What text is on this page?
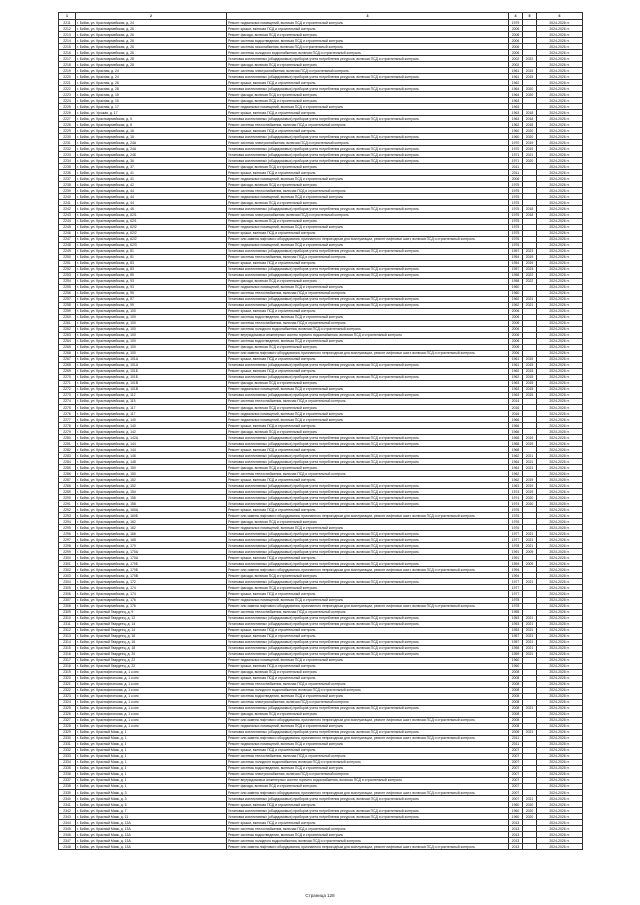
1	2	3	4	5	6
2211	г. Бийск, ул. Красноармейская, д. 24	Ремонт подвальных помещений, включая ПСД и строительный контроль	1979		2024-2026 гг.
2212	г. Бийск, ул. Красноармейская, д. 26	Ремонт крыши, включая ПСД и строительный контроль	2006		2024-2026 гг.
2213	г. Бийск, ул. Красноармейская, д. 26	Ремонт фасада, включая ПСД и строительный контроль	2006		2024-2026 гг.
2214	г. Бийск, ул. Красноармейская, д. 26	Ремонт системы водоотведения, включая ПСД и строительный контроль	2006		2024-2026 гг.
2215	г. Бийск, ул. Красноармейская, д. 26	Ремонт системы газоснабжения, включая ПСД и строительный контроль	2006		2024-2026 гг.
2216	г. Бийск, ул. Красноармейская, д. 26	Ремонт системы холодного водоснабжения, включая ПСД и строительный контроль	2006		2024-2026 гг.
2217	г. Бийск, ул. Красноармейская, д. 28	Установка коллективных (общедомовых) приборов учета потребления ресурсов, включая ПСД и строительный контроль	2002	2022	2024-2026 гг.
2218	г. Бийск, ул. Красноармейская, д. 28	Ремонт фасада, включая ПСД и строительный контроль	2002		2024-2026 гг.
2219	г. Бийск, ул. Красная, д. 24	Ремонт системы электроснабжения, включая ПСД и строительный контроль	1961	2015	2024-2026 гг.
2220	г. Бийск, ул. Красная, д. 24	Установка коллективных (общедомовых) приборов учета потребления ресурсов, включая ПСД и строительный контроль	1961	2015	2024-2026 гг.
2221	г. Бийск, ул. Красная, д. 26	Ремонт крыши, включая ПСД и строительный контроль	1962		2024-2026 гг.
2222	г. Бийск, ул. Красная, д. 28	Установка коллективных (общедомовых) приборов учета потребления ресурсов, включая ПСД и строительный контроль	1964	2020	2024-2026 гг.
2223	г. Бийск, ул. Красная, д. 15	Ремонт фасада, включая ПСД и строительный контроль	1964	2020	2024-2026 гг.
2224	г. Бийск, ул. Красная, д. 15	Ремонт фасада, включая ПСД и строительный контроль	1963		2024-2026 гг.
2225	г. Бийск, ул. Красная, д. 17	Ремонт подвальных помещений, включая ПСД и строительный контроль	1963		2024-2026 гг.
2226	г. Бийск, ул. Урожая, д. 17	Ремонт крыши, включая ПСД и строительный контроль	1963	2018	2024-2026 гг.
2227	г. Бийск, ул. Красноармейская, д. 5	Установка коллективных (общедомовых) приборов учета потребления ресурсов, включая ПСД и строительный контроль	1963	2018	2024-2026 гг.
2228	г. Бийск, ул. Красноармейская, д. 8	Ремонт системы теплоснабжения, включая ПСД и строительный контроль	1962	2018	2024-2026 гг.
2229	г. Бийск, ул. Красноармейская, д. 16	Ремонт крыши, включая ПСД и строительный контроль	1960	2020	2024-2026 гг.
2230	г. Бийск, ул. Красноармейская, д. 16	Установка коллективных (общедомовых) приборов учета потребления ресурсов, включая ПСД и строительный контроль	1960	2020	2024-2026 гг.
2231	г. Бийск, ул. Красноармейская, д. 24А	Ремонт системы электроснабжения, включая ПСД и строительный контроль	1970	2019	2024-2026 гг.
2232	г. Бийск, ул. Красноармейская, д. 24А	Установка коллективных (общедомовых) приборов учета потребления ресурсов, включая ПСД и строительный контроль	1970	2019	2024-2026 гг.
2233	г. Бийск, ул. Красноармейская, д. 24Б	Установка коллективных (общедомовых) приборов учета потребления ресурсов, включая ПСД и строительный контроль	1971	2021	2024-2026 гг.
2234	г. Бийск, ул. Красноармейская, д. 36	Установка коллективных (общедомовых) приборов учета потребления ресурсов, включая ПСД и строительный контроль	1971	2020	2024-2026 гг.
2235	г. Бийск, ул. Красноармейская, д. 37	Ремонт фасада, включая ПСД и строительный контроль	2011		2024-2026 гг.
2236	г. Бийск, ул. Красноармейская, д. 41	Ремонт крыши, включая ПСД и строительный контроль	2011		2024-2026 гг.
2237	г. Бийск, ул. Красноармейская, д. 41	Ремонт подвальных помещений, включая ПСД и строительный контроль	2006		2024-2026 гг.
2238	г. Бийск, ул. Красноармейская, д. 42	Ремонт фасада, включая ПСД и строительный контроль	1975		2024-2026 гг.
2239	г. Бийск, ул. Красноармейская, д. 44	Ремонт системы теплоснабжения, включая ПСД и строительный контроль	1975		2024-2026 гг.
2240	г. Бийск, ул. Красноармейская, д. 44	Ремонт подвальных помещений, включая ПСД и строительный контроль	1975		2024-2026 гг.
2241	г. Бийск, ул. Красноармейская, д. 44	Ремонт фасада, включая ПСД и строительный контроль	1975		2024-2026 гг.
2242	г. Бийск, ул. Красноармейская, д. 46	Установка коллективных (общедомовых) приборов учета потребления ресурсов, включая ПСД и строительный контроль	1975	2018	2024-2026 гг.
2243	г. Бийск, ул. Красноармейская, д. 62/1	Ремонт системы электроснабжения, включая ПСД и строительный контроль	1975	2018	2024-2026 гг.
2244	г. Бийск, ул. Красноармейская, д. 62/1	Ремонт фасада, включая ПСД и строительный контроль	1975		2024-2026 гг.
2245	г. Бийск, ул. Красноармейская, д. 62/2	Ремонт подвальных помещений, включая ПСД и строительный контроль	1975		2024-2026 гг.
2246	г. Бийск, ул. Красноармейская, д. 62/2	Ремонт крыши, включая ПСД и строительный контроль	1975		2024-2026 гг.
2247	г. Бийск, ул. Красноармейская, д. 62/2	Ремонт или замена лифтового оборудования, признанного непригодным для эксплуатации, ремонт лифтовых шахт, включая ПСД и строительный контроль	1976		2024-2026 гг.
2248	г. Бийск, ул. Красноармейская, д. 62/3	Ремонт подвальных помещений, включая ПСД и строительный контроль	1976		2024-2026 гг.
2249	г. Бийск, ул. Красноармейская, д. 81	Установка коллективных (общедомовых) приборов учета потребления ресурсов, включая ПСД и строительный контроль	1957	2023	2024-2026 гг.
2250	г. Бийск, ул. Красноармейская, д. 81	Ремонт системы теплоснабжения, включая ПСД и строительный контроль	1954	2019	2024-2026 гг.
2251	г. Бийск, ул. Красноармейская, д. 83	Ремонт крыши, включая ПСД и строительный контроль	1954	2019	2024-2026 гг.
2252	г. Бийск, ул. Красноармейская, д. 83	Установка коллективных (общедомовых) приборов учета потребления ресурсов, включая ПСД и строительный контроль	1957	2023	2024-2026 гг.
2253	г. Бийск, ул. Красноармейская, д. 85	Установка коллективных (общедомовых) приборов учета потребления ресурсов, включая ПСД и строительный контроль	1958	2022	2024-2026 гг.
2254	г. Бийск, ул. Красноармейская, д. 93	Ремонт фасада, включая ПСД и строительный контроль	1958	2022	2024-2026 гг.
2255	г. Бийск, ул. Красноармейская, д. 93	Ремонт подвальных помещений, включая ПСД и строительный контроль	1960		2024-2026 гг.
2256	г. Бийск, ул. Красноармейская, д. 95	Ремонт системы теплоснабжения, включая ПСД и строительный контроль	1960		2024-2026 гг.
2257	г. Бийск, ул. Красноармейская, д. 97	Установка коллективных (общедомовых) приборов учета потребления ресурсов, включая ПСД и строительный контроль	1962	2021	2024-2026 гг.
2258	г. Бийск, ул. Красноармейская, д. 99	Установка коллективных (общедомовых) приборов учета потребления ресурсов, включая ПСД и строительный контроль	1962	2021	2024-2026 гг.
2259	г. Бийск, ул. Красноармейская, д. 100	Ремонт крыши, включая ПСД и строительный контроль	2006		2024-2026 гг.
2260	г. Бийск, ул. Красноармейская, д. 100	Ремонт системы водоотведения, включая ПСД и строительный контроль	2006		2024-2026 гг.
2261	г. Бийск, ул. Красноармейская, д. 100	Ремонт системы теплоснабжения, включая ПСД и строительный контроль	2006		2024-2026 гг.
2262	г. Бийск, ул. Красноармейская, д. 100	Ремонт системы холодного водоснабжения, включая ПСД и строительный контроль	2006		2024-2026 гг.
2263	г. Бийск, ул. Красноармейская, д. 100	Ремонт внутридомовых инженерных систем горячего водоснабжения, включая ПСД и строительный контроль	2006		2024-2026 гг.
2264	г. Бийск, ул. Красноармейская, д. 100	Ремонт системы водоотведения, включая ПСД и строительный контроль	2006		2024-2026 гг.
2265	г. Бийск, ул. Красноармейская, д. 100	Ремонт фасада, включая ПСД и строительный контроль	2006		2024-2026 гг.
2266	г. Бийск, ул. Красноармейская, д. 100	Ремонт или замена лифтового оборудования, признанного непригодным для эксплуатации, ремонт лифтовых шахт, включая ПСД и строительный контроль	2006		2024-2026 гг.
2267	г. Бийск, ул. Красноармейская, д. 101А	Ремонт крыши, включая ПСД и строительный контроль	1961	2015	2024-2026 гг.
2268	г. Бийск, ул. Красноармейская, д. 101А	Установка коллективных (общедомовых) приборов учета потребления ресурсов, включая ПСД и строительный контроль	1961	2015	2024-2026 гг.
2269	г. Бийск, ул. Красноармейская, д. 101Б	Ремонт крыши, включая ПСД и строительный контроль	1962	2015	2024-2026 гг.
2270	г. Бийск, ул. Красноармейская, д. 101Б	Установка коллективных (общедомовых) приборов учета потребления ресурсов, включая ПСД и строительный контроль	1962	2015	2024-2026 гг.
2271	г. Бийск, ул. Красноармейская, д. 101В	Ремонт фасада, включая ПСД и строительный контроль	1963	2015	2024-2026 гг.
2272	г. Бийск, ул. Красноармейская, д. 101В	Ремонт подвальных помещений, включая ПСД и строительный контроль	1963	2015	2024-2026 гг.
2273	г. Бийск, ул. Красноармейская, д. 112	Установка коллективных (общедомовых) приборов учета потребления ресурсов, включая ПСД и строительный контроль	1963	2015	2024-2026 гг.
2274	г. Бийск, ул. Красноармейская, д. 115	Ремонт системы теплоснабжения, включая ПСД и строительный контроль	2014		2024-2026 гг.
2275	г. Бийск, ул. Красноармейская, д. 117	Ремонт фасада, включая ПСД и строительный контроль	2016		2024-2026 гг.
2276	г. Бийск, ул. Красноармейская, д. 117	Ремонт подвальных помещений, включая ПСД и строительный контроль	2016		2024-2026 гг.
2277	г. Бийск, ул. Красноармейская, д. 140	Ремонт подвальных помещений, включая ПСД и строительный контроль	1966		2024-2026 гг.
2278	г. Бийск, ул. Красноармейская, д. 140	Ремонт крыши, включая ПСД и строительный контроль	1966		2024-2026 гг.
2279	г. Бийск, ул. Красноармейская, д. 142	Ремонт фасада, включая ПСД и строительный контроль	1966		2024-2026 гг.
2280	г. Бийск, ул. Красноармейская, д. 142А	Установка коллективных (общедомовых) приборов учета потребления ресурсов, включая ПСД и строительный контроль	1968	2019	2024-2026 гг.
2281	г. Бийск, ул. Красноармейская, д. 144	Установка коллективных (общедомовых) приборов учета потребления ресурсов, включая ПСД и строительный контроль	1968	2019	2024-2026 гг.
2282	г. Бийск, ул. Красноармейская, д. 144	Ремонт крыши, включая ПСД и строительный контроль	1968		2024-2026 гг.
2283	г. Бийск, ул. Красноармейская, д. 146	Установка коллективных (общедомовых) приборов учета потребления ресурсов, включая ПСД и строительный контроль	1962	2021	2024-2026 гг.
2284	г. Бийск, ул. Красноармейская, д. 148	Установка коллективных (общедомовых) приборов учета потребления ресурсов, включая ПСД и строительный контроль	1964	2021	2024-2026 гг.
2285	г. Бийск, ул. Красноармейская, д. 150	Ремонт фасада, включая ПСД и строительный контроль	1964	2021	2024-2026 гг.
2286	г. Бийск, ул. Красноармейская, д. 150	Ремонт системы теплоснабжения, включая ПСД и строительный контроль	1962		2024-2026 гг.
2287	г. Бийск, ул. Красноармейская, д. 152	Ремонт крыши, включая ПСД и строительный контроль	1962	2019	2024-2026 гг.
2288	г. Бийск, ул. Красноармейская, д. 152	Установка коллективных (общедомовых) приборов учета потребления ресурсов, включая ПСД и строительный контроль	1963	2019	2024-2026 гг.
2289	г. Бийск, ул. Красноармейская, д. 154	Установка коллективных (общедомовых) приборов учета потребления ресурсов, включая ПСД и строительный контроль	1974	2019	2024-2026 гг.
2290	г. Бийск, ул. Красноармейская, д. 156	Установка коллективных (общедомовых) приборов учета потребления ресурсов, включая ПСД и строительный контроль	1974	2020	2024-2026 гг.
2291	г. Бийск, ул. Красноармейская, д. 158	Установка коллективных (общедомовых) приборов учета потребления ресурсов, включая ПСД и строительный контроль	1974	2020	2024-2026 гг.
2292	г. Бийск, ул. Красноармейская, д. 160А	Ремонт крыши, включая ПСД и строительный контроль	1976		2024-2026 гг.
2293	г. Бийск, ул. Красноармейская, д. 160Б	Ремонт или замена лифтового оборудования, признанного непригодным для эксплуатации, ремонт лифтовых шахт, включая ПСД и строительный контроль	1976		2024-2026 гг.
2294	г. Бийск, ул. Красноармейская, д. 162	Ремонт фасада, включая ПСД и строительный контроль	1976		2024-2026 гг.
2295	г. Бийск, ул. Красноармейская, д. 162	Ремонт подвальных помещений, включая ПСД и строительный контроль	1976		2024-2026 гг.
2296	г. Бийск, ул. Красноармейская, д. 166	Установка коллективных (общедомовых) приборов учета потребления ресурсов, включая ПСД и строительный контроль	1977	2021	2024-2026 гг.
2297	г. Бийск, ул. Красноармейская, д. 168	Установка коллективных (общедомовых) приборов учета потребления ресурсов, включая ПСД и строительный контроль	1977	2021	2024-2026 гг.
2298	г. Бийск, ул. Красноармейская, д. 170	Установка коллективных (общедомовых) приборов учета потребления ресурсов, включая ПСД и строительный контроль	1978	2021	2024-2026 гг.
2299	г. Бийск, ул. Красноармейская, д. 170А	Установка коллективных (общедомовых) приборов учета потребления ресурсов, включая ПСД и строительный контроль	1991	2009	2024-2026 гг.
2300	г. Бийск, ул. Красноармейская, д. 170А	Ремонт крыши, включая ПСД и строительный контроль	1991		2024-2026 гг.
2301	г. Бийск, ул. Красноармейская, д. 170Б	Установка коллективных (общедомовых) приборов учета потребления ресурсов, включая ПСД и строительный контроль	1994	2009	2024-2026 гг.
2302	г. Бийск, ул. Красноармейская, д. 170Б	Ремонт или замена лифтового оборудования, признанного непригодным для эксплуатации, ремонт лифтовых шахт, включая ПСД и строительный контроль	1994		2024-2026 гг.
2303	г. Бийск, ул. Красноармейская, д. 170В	Ремонт фасада, включая ПСД и строительный контроль	1994		2024-2026 гг.
2304	г. Бийск, ул. Красноармейская, д. 172	Установка коллективных (общедомовых) приборов учета потребления ресурсов, включая ПСД и строительный контроль	1977	2021	2024-2026 гг.
2305	г. Бийск, ул. Красноармейская, д. 174	Ремонт фасада, включая ПСД и строительный контроль	1977		2024-2026 гг.
2306	г. Бийск, ул. Красноармейская, д. 174	Ремонт крыши, включая ПСД и строительный контроль	1977		2024-2026 гг.
2307	г. Бийск, ул. Красноармейская, д. 176	Ремонт подвальных помещений, включая ПСД и строительный контроль	1978		2024-2026 гг.
2308	г. Бийск, ул. Красноармейская, д. 176	Ремонт или замена лифтового оборудования, признанного непригодным для эксплуатации, ремонт лифтовых шахт, включая ПСД и строительный контроль	1978		2024-2026 гг.
2309	г. Бийск, ул. Красный Гвардеец, д. 9	Ремонт системы теплоснабжения, включая ПСД и строительный контроль	1955		2024-2026 гг.
2310	г. Бийск, ул. Красный Гвардеец, д. 12	Установка коллективных (общедомовых) приборов учета потребления ресурсов, включая ПСД и строительный контроль	1953	2021	2024-2026 гг.
2311	г. Бийск, ул. Красный Гвардеец, д. 14	Установка коллективных (общедомовых) приборов учета потребления ресурсов, включая ПСД и строительный контроль	1953	2021	2024-2026 гг.
2312	г. Бийск, ул. Красный Гвардеец, д. 14	Ремонт крыши, включая ПСД и строительный контроль	1953	2021	2024-2026 гг.
2313	г. Бийск, ул. Красный Гвардеец, д. 16	Ремонт крыши, включая ПСД и строительный контроль	1957	2021	2024-2026 гг.
2314	г. Бийск, ул. Красный Гвардеец, д. 16	Установка коллективных (общедомовых) приборов учета потребления ресурсов, включая ПСД и строительный контроль	1957	2021	2024-2026 гг.
2315	г. Бийск, ул. Красный Гвардеец, д. 18	Установка коллективных (общедомовых) приборов учета потребления ресурсов, включая ПСД и строительный контроль	1958	2021	2024-2026 гг.
2316	г. Бийск, ул. Красный Гвардеец, д. 20	Установка коллективных (общедомовых) приборов учета потребления ресурсов, включая ПСД и строительный контроль	1959	2021	2024-2026 гг.
2317	г. Бийск, ул. Красный Гвардеец, д. 22	Ремонт подвальных помещений, включая ПСД и строительный контроль	1960		2024-2026 гг.
2318	г. Бийск, ул. Красный Гвардеец, д. 22	Ремонт крыши, включая ПСД и строительный контроль	1960		2024-2026 гг.
2319	г. Бийск, ул. Краснофлотская, д. 1 к.сек	Ремонт фасада, включая ПСД и строительный контроль	2008		2024-2026 гг.
2320	г. Бийск, ул. Краснофлотская, д. 1 к.сек	Ремонт крыши, включая ПСД и строительный контроль	2008		2024-2026 гг.
2321	г. Бийск, ул. Краснофлотская, д. 1 к.сек	Ремонт системы теплоснабжения, включая ПСД и строительный контроль	2008		2024-2026 гг.
2322	г. Бийск, ул. Краснофлотская, д. 1 к.сек	Ремонт системы холодного водоснабжения, включая ПСД и строительный контроль	2008		2024-2026 гг.
2323	г. Бийск, ул. Краснофлотская, д. 1 к.сек	Ремонт системы водоотведения, включая ПСД и строительный контроль	2008		2024-2026 гг.
2324	г. Бийск, ул. Краснофлотская, д. 1 к.сек	Ремонт системы электроснабжения, включая ПСД и строительный контроль	2008		2024-2026 гг.
2325	г. Бийск, ул. Краснофлотская, д. 1 к.сек	Установка коллективных (общедомовых) приборов учета потребления ресурсов, включая ПСД и строительный контроль	2008	2021	2024-2026 гг.
2326	г. Бийск, ул. Краснофлотская, д. 1 к.сек	Ремонт фасада, включая ПСД и строительный контроль	2008		2024-2026 гг.
2327	г. Бийск, ул. Краснофлотская, д. 1 к.сек	Ремонт или замена лифтового оборудования, признанного непригодным для эксплуатации, ремонт лифтовых шахт, включая ПСД и строительный контроль	2008		2024-2026 гг.
2328	г. Бийск, ул. Краснофлотская, д. 1 к.сек	Ремонт подвальных помещений, включая ПСД и строительный контроль	2008		2024-2026 гг.
2329	г. Бийск, ул. Красный Маяк, д. 1	Установка коллективных (общедомовых) приборов учета потребления ресурсов, включая ПСД и строительный контроль	2006	2021	2024-2026 гг.
2330	г. Бийск, ул. Красный Маяк, д. 1	Ремонт или замена лифтового оборудования, признанного непригодным для эксплуатации, ремонт лифтовых шахт, включая ПСД и строительный контроль	2011		2024-2026 гг.
2331	г. Бийск, ул. Красный Маяк, д. 1	Ремонт подвальных помещений, включая ПСД и строительный контроль	2011		2024-2026 гг.
2332	г. Бийск, ул. Красный Маяк, д. 1	Ремонт крыши, включая ПСД и строительный контроль	2007		2024-2026 гг.
2333	г. Бийск, ул. Красный Маяк, д. 1	Ремонт системы теплоснабжения, включая ПСД и строительный контроль	2007		2024-2026 гг.
2334	г. Бийск, ул. Красный Маяк, д. 1	Ремонт системы холодного водоснабжения, включая ПСД и строительный контроль	2007		2024-2026 гг.
2335	г. Бийск, ул. Красный Маяк, д. 1	Ремонт системы водоотведения, включая ПСД и строительный контроль	2007		2024-2026 гг.
2336	г. Бийск, ул. Красный Маяк, д. 1	Ремонт системы электроснабжения, включая ПСД и строительный контроль	2007		2024-2026 гг.
2337	г. Бийск, ул. Красный Маяк, д. 1	Ремонт внутридомовых инженерных систем горячего водоснабжения, включая ПСД и строительный контроль	2007		2024-2026 гг.
2338	г. Бийск, ул. Красный Маяк, д. 1	Ремонт фасада, включая ПСД и строительный контроль	2007		2024-2026 гг.
2339	г. Бийск, ул. Красный Маяк, д. 3	Ремонт или замена лифтового оборудования, признанного непригодным для эксплуатации, ремонт лифтовых шахт, включая ПСД и строительный контроль	2007		2024-2026 гг.
2340	г. Бийск, ул. Красный Маяк, д. 3	Установка коллективных (общедомовых) приборов учета потребления ресурсов, включая ПСД и строительный контроль	2007	2021	2024-2026 гг.
2341	г. Бийск, ул. Красный Маяк, д. 5	Ремонт крыши, включая ПСД и строительный контроль	1960	2020	2024-2026 гг.
2342	г. Бийск, ул. Красный Маяк, д. 7	Установка коллективных (общедомовых) приборов учета потребления ресурсов, включая ПСД и строительный контроль	1960	2020	2024-2026 гг.
2343	г. Бийск, ул. Красный Маяк, д. 11	Установка коллективных (общедомовых) приборов учета потребления ресурсов, включая ПСД и строительный контроль	1960	2020	2024-2026 гг.
2344	г. Бийск, ул. Красный Маяк, д. 13А	Ремонт крыши, включая ПСД и строительный контроль	2013		2024-2026 гг.
2345	г. Бийск, ул. Красный Маяк, д. 13А	Ремонт системы теплоснабжения, включая ПСД и строительный контроль	2013		2024-2026 гг.
2346	г. Бийск, ул. Красный Маяк, д. 13А	Ремонт системы водоотведения, включая ПСД и строительный контроль	2013		2024-2026 гг.
2347	г. Бийск, ул. Красный Маяк, д. 13А	Ремонт системы холодного водоснабжения, включая ПСД и строительный контроль	2013		2024-2026 гг.
2348	г. Бийск, ул. Красный Маяк, д. 13А	Ремонт или замена лифтового оборудования, признанного непригодным для эксплуатации, ремонт лифтовых шахт, включая ПСД и строительный контроль	2013		2024-2026 гг.
Страница 128
